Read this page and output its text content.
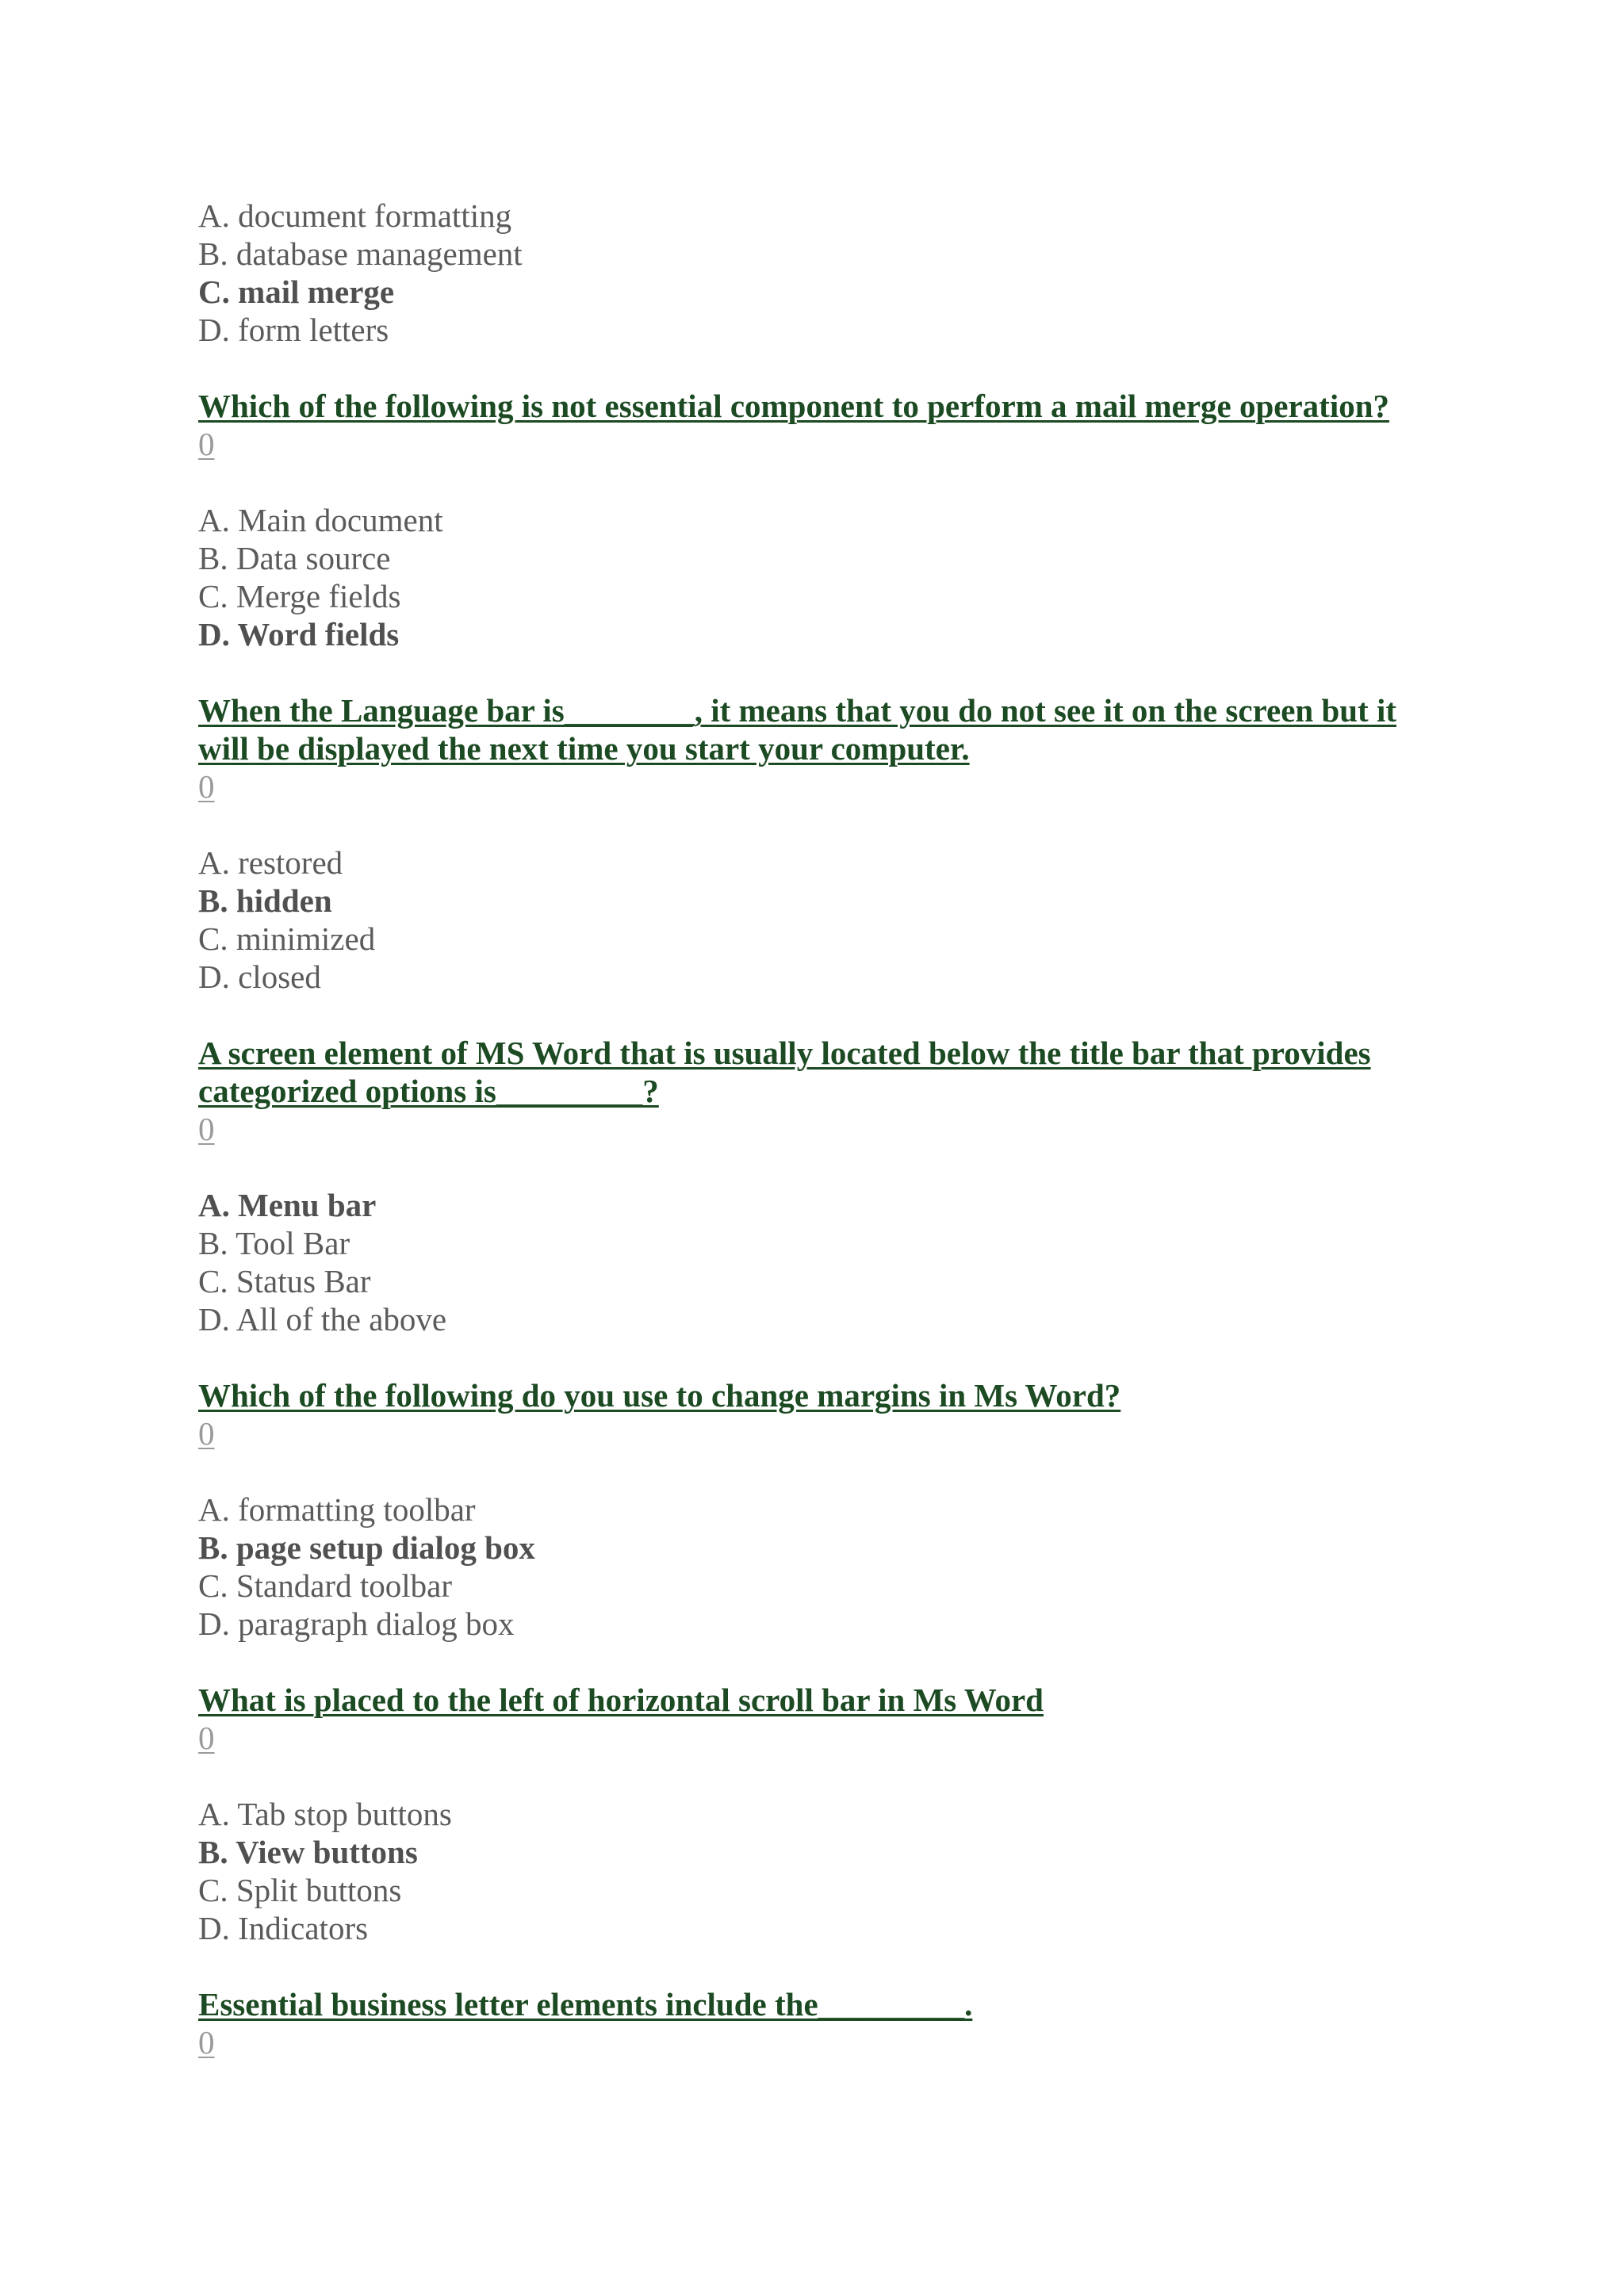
A. document formatting
B. database management
C. mail merge
D. form letters
Which of the following is not essential component to perform a mail merge operation?
0
A. Main document
B. Data source
C. Merge fields
D. Word fields
When the Language bar is________, it means that you do not see it on the screen but it
will be displayed the next time you start your computer.
0
A. restored
B. hidden
C. minimized
D. closed
A screen element of MS Word that is usually located below the title bar that provides
categorized options is_________?
0
A. Menu bar
B. Tool Bar
C. Status Bar
D. All of the above
Which of the following do you use to change margins in Ms Word?
0
A. formatting toolbar
B. page setup dialog box
C. Standard toolbar
D. paragraph dialog box
What is placed to the left of horizontal scroll bar in Ms Word
0
A. Tab stop buttons
B. View buttons
C. Split buttons
D. Indicators
Essential business letter elements include the_________.
0
